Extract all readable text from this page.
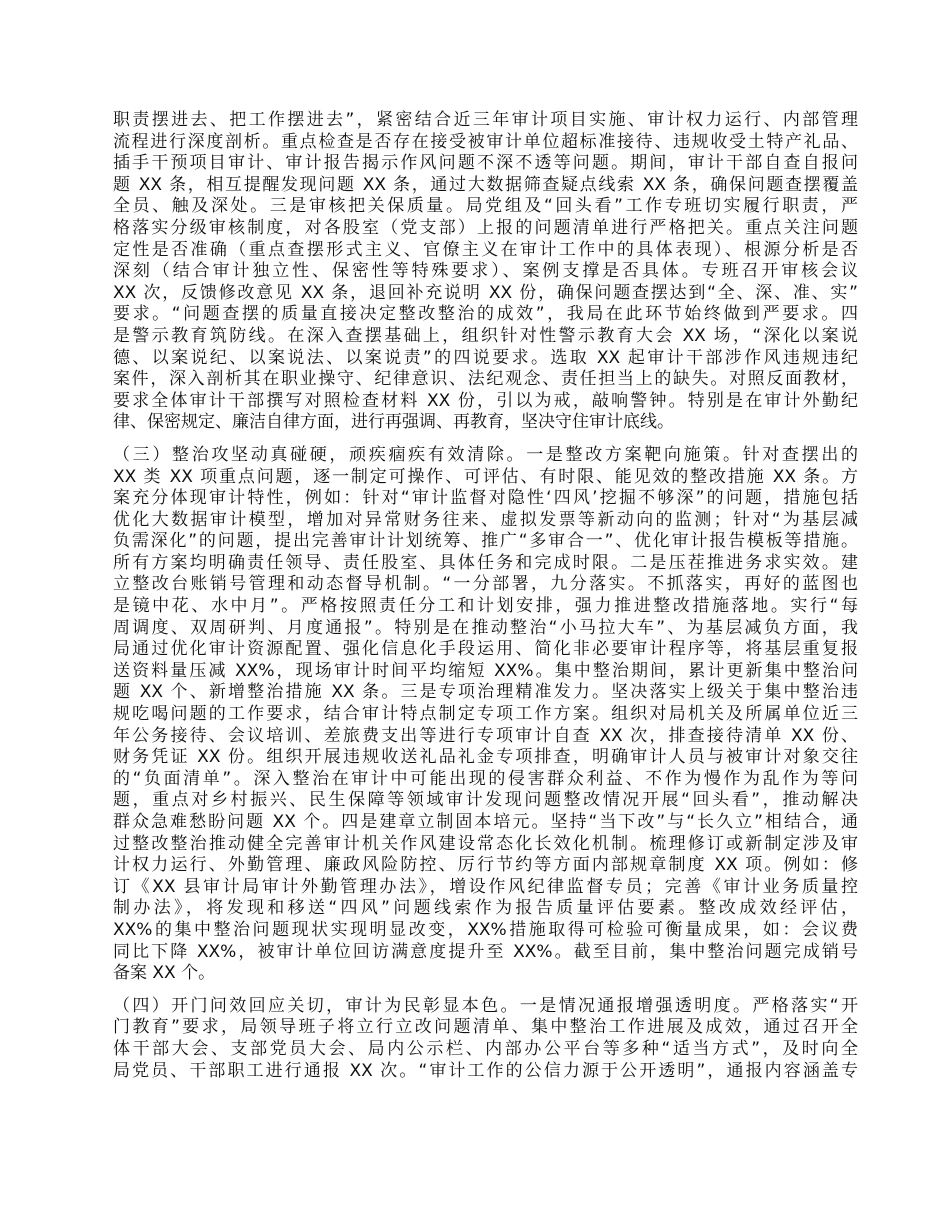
职责摆进去、把工作摆进去”，紧密结合近三年审计项目实施、审计权力运行、内部管理
流程进行深度剖析。重点检查是否存在接受被审计单位超标准接待、违规收受土特产礼品、
插手干预项目审计、审计报告揭示作风问题不深不透等问题。期间，审计干部自查自报问
题 XX 条，相互提醒发现问题 XX 条，通过大数据筛查疑点线索 XX 条，确保问题查摆覆盖
全员、触及深处。三是审核把关保质量。局党组及“回头看”工作专班切实履行职责，严
格落实分级审核制度，对各股室（党支部）上报的问题清单进行严格把关。重点关注问题
定性是否准确（重点查摆形式主义、官僚主义在审计工作中的具体表现）、根源分析是否
深刻（结合审计独立性、保密性等特殊要求）、案例支撑是否具体。专班召开审核会议
XX 次，反馈修改意见 XX 条，退回补充说明 XX 份，确保问题查摆达到“全、深、准、实”
要求。“问题查摆的质量直接决定整改整治的成效”，我局在此环节始终做到严要求。四
是警示教育筑防线。在深入查摆基础上，组织针对性警示教育大会 XX 场，“深化以案说
德、以案说纪、以案说法、以案说责”的四说要求。选取 XX 起审计干部涉作风违规违纪
案件，深入剖析其在职业操守、纪律意识、法纪观念、责任担当上的缺失。对照反面教材，
要求全体审计干部撰写对照检查材料 XX 份，引以为戒，敲响警钟。特别是在审计外勤纪
律、保密规定、廉洁自律方面，进行再强调、再教育，坚决守住审计底线。
（三）整治攻坚动真碰硬，顽疾痼疾有效清除。一是整改方案靶向施策。针对查摆出的
XX 类 XX 项重点问题，逐一制定可操作、可评估、有时限、能见效的整改措施 XX 条。方
案充分体现审计特性，例如：针对“审计监督对隐性‘四风’挖掘不够深”的问题，措施包括
优化大数据审计模型，增加对异常财务往来、虚拟发票等新动向的监测；针对“为基层减
负需深化”的问题，提出完善审计计划统筹、推广“多审合一”、优化审计报告模板等措施。
所有方案均明确责任领导、责任股室、具体任务和完成时限。二是压茬推进务求实效。建
立整改台账销号管理和动态督导机制。“一分部署，九分落实。不抓落实，再好的蓝图也
是镜中花、水中月”。严格按照责任分工和计划安排，强力推进整改措施落地。实行“每
周调度、双周研判、月度通报”。特别是在推动整治“小马拉大车”、为基层减负方面，我
局通过优化审计资源配置、强化信息化手段运用、简化非必要审计程序等，将基层重复报
送资料量压减 XX%，现场审计时间平均缩短 XX%。集中整治期间，累计更新集中整治问
题 XX 个、新增整治措施 XX 条。三是专项治理精准发力。坚决落实上级关于集中整治违
规吃喝问题的工作要求，结合审计特点制定专项工作方案。组织对局机关及所属单位近三
年公务接待、会议培训、差旅费支出等进行专项审计自查 XX 次，排查接待清单 XX 份、
财务凭证 XX 份。组织开展违规收送礼品礼金专项排查，明确审计人员与被审计对象交往
的“负面清单”。深入整治在审计中可能出现的侵害群众利益、不作为慢作为乱作为等问
题，重点对乡村振兴、民生保障等领域审计发现问题整改情况开展“回头看”，推动解决
群众急难愁盼问题 XX 个。四是建章立制固本培元。坚持“当下改”与“长久立”相结合，通
过整改整治推动健全完善审计机关作风建设常态化长效化机制。梳理修订或新制定涉及审
计权力运行、外勤管理、廉政风险防控、厉行节约等方面内部规章制度 XX 项。例如：修
订《XX 县审计局审计外勤管理办法》，增设作风纪律监督专员；完善《审计业务质量控
制办法》，将发现和移送“四风”问题线索作为报告质量评估要素。整改成效经评估，
XX%的集中整治问题现状实现明显改变，XX%措施取得可检验可衡量成果，如：会议费
同比下降 XX%，被审计单位回访满意度提升至 XX%。截至目前，集中整治问题完成销号
备案 XX 个。
（四）开门问效回应关切，审计为民彰显本色。一是情况通报增强透明度。严格落实“开
门教育”要求，局领导班子将立行立改问题清单、集中整治工作进展及成效，通过召开全
体干部大会、支部党员大会、局内公示栏、内部办公平台等多种“适当方式”，及时向全
局党员、干部职工进行通报 XX 次。“审计工作的公信力源于公开透明”，通报内容涵盖专
